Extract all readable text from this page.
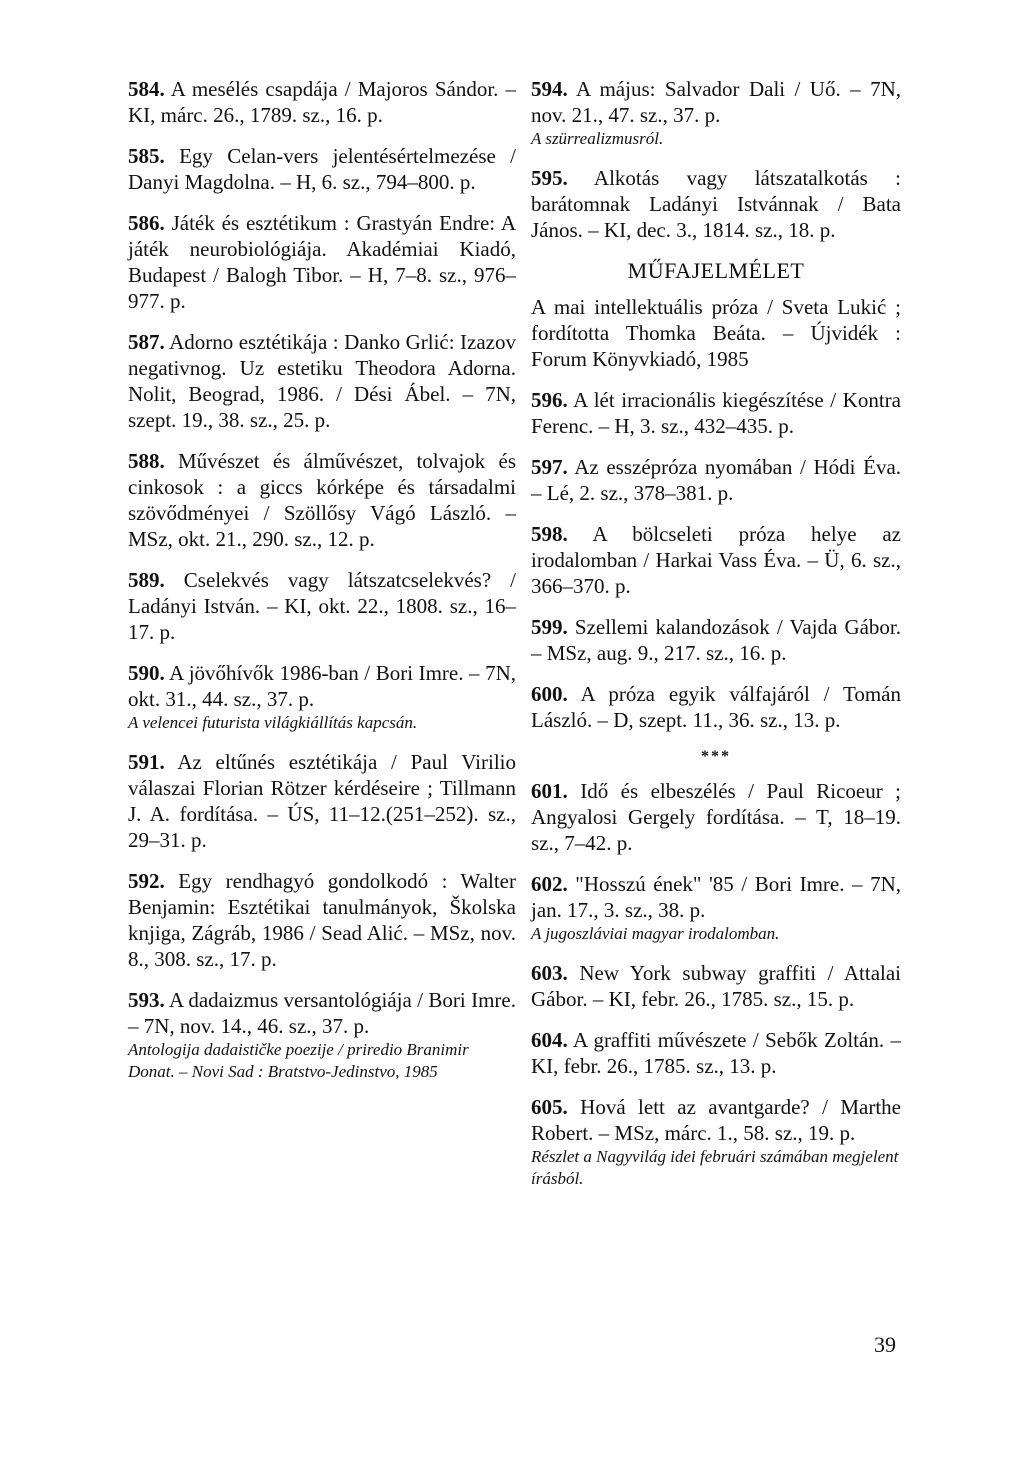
584. A mesélés csapdája / Majoros Sándor. – KI, márc. 26., 1789. sz., 16. p.
585. Egy Celan-vers jelentésértelmezése / Danyi Magdolna. – H, 6. sz., 794–800. p.
586. Játék és esztétikum : Grastyán Endre: A játék neurobiológiája. Akadémiai Kiadó, Budapest / Balogh Tibor. – H, 7–8. sz., 976–977. p.
587. Adorno esztétikája : Danko Grlić: Izazov negativnog. Uz estetiku Theodora Adorna. Nolit, Beograd, 1986. / Dési Ábel. – 7N, szept. 19., 38. sz., 25. p.
588. Művészet és álművészet, tolvajok és cinkosok : a giccs kórképe és társadalmi szövődményei / Szöllősy Vágó László. – MSz, okt. 21., 290. sz., 12. p.
589. Cselekvés vagy látszatcselekvés? / Ladányi István. – KI, okt. 22., 1808. sz., 16–17. p.
590. A jövőhívők 1986-ban / Bori Imre. – 7N, okt. 31., 44. sz., 37. p.
A velencei futurista világkiállítás kapcsán.
591. Az eltűnés esztétikája / Paul Virilio válaszai Florian Rötzer kérdéseire ; Tillmann J. A. fordítása. – ÚS, 11–12.(251–252). sz., 29–31. p.
592. Egy rendhagyó gondolkodó : Walter Benjamin: Esztétikai tanulmányok, Školska knjiga, Zágráb, 1986 / Sead Alić. – MSz, nov. 8., 308. sz., 17. p.
593. A dadaizmus versantológiája / Bori Imre. – 7N, nov. 14., 46. sz., 37. p.
Antologija dadaističke poezije / priredio Branimir Donat. – Novi Sad : Bratstvo-Jedinstvo, 1985
594. A május: Salvador Dali / Uő. – 7N, nov. 21., 47. sz., 37. p.
A szürrealizmusról.
595. Alkotás vagy látszatalkotás : barátomnak Ladányi Istvánnak / Bata János. – KI, dec. 3., 1814. sz., 18. p.
MŰFAJELMÉLET
A mai intellektuális próza / Sveta Lukić ; fordította Thomka Beáta. – Újvidék : Forum Könyvkiadó, 1985
596. A lét irracionális kiegészítése / Kontra Ferenc. – H, 3. sz., 432–435. p.
597. Az esszépróza nyomában / Hódi Éva. – Lé, 2. sz., 378–381. p.
598. A bölcseleti próza helye az irodalomban / Harkai Vass Éva. – Ü, 6. sz., 366–370. p.
599. Szellemi kalandozások / Vajda Gábor. – MSz, aug. 9., 217. sz., 16. p.
600. A próza egyik válfajáról / Tomán László. – D, szept. 11., 36. sz., 13. p.
***
601. Idő és elbeszélés / Paul Ricoeur ; Angyalosi Gergely fordítása. – T, 18–19. sz., 7–42. p.
602. "Hosszú ének" '85 / Bori Imre. – 7N, jan. 17., 3. sz., 38. p.
A jugoszláviai magyar irodalomban.
603. New York subway graffiti / Attalai Gábor. – KI, febr. 26., 1785. sz., 15. p.
604. A graffiti művészete / Sebők Zoltán. – KI, febr. 26., 1785. sz., 13. p.
605. Hová lett az avantgarde? / Marthe Robert. – MSz, márc. 1., 58. sz., 19. p.
Részlet a Nagyvilág idei februári számában megjelent írásból.
39
